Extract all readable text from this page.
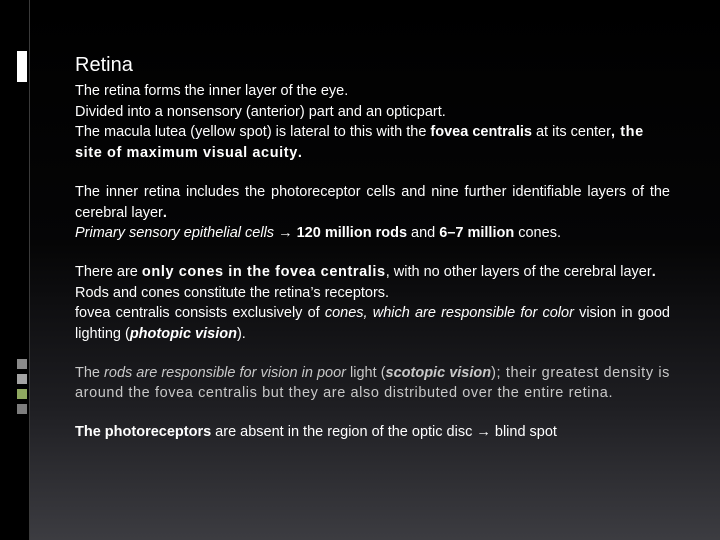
Retina
The retina forms the inner layer of the eye.
Divided into a nonsensory (anterior) part and an opticpart.
The macula lutea (yellow spot) is lateral to this with the fovea centralis at its center, the site of maximum visual acuity.
The inner retina includes the photoreceptor cells and nine further identifiable layers of the cerebral layer.
Primary sensory epithelial cells → 120 million rods and 6–7 million cones.
There are only cones in the fovea centralis, with no other layers of the cerebral layer.
Rods and cones constitute the retina’s receptors.
fovea centralis consists exclusively of cones, which are responsible for color vision in good lighting (photopic vision).
The rods are responsible for vision in poor light (scotopic vision); their greatest density is around the fovea centralis but they are also distributed over the entire retina.
The photoreceptors are absent in the region of the optic disc → blind spot
